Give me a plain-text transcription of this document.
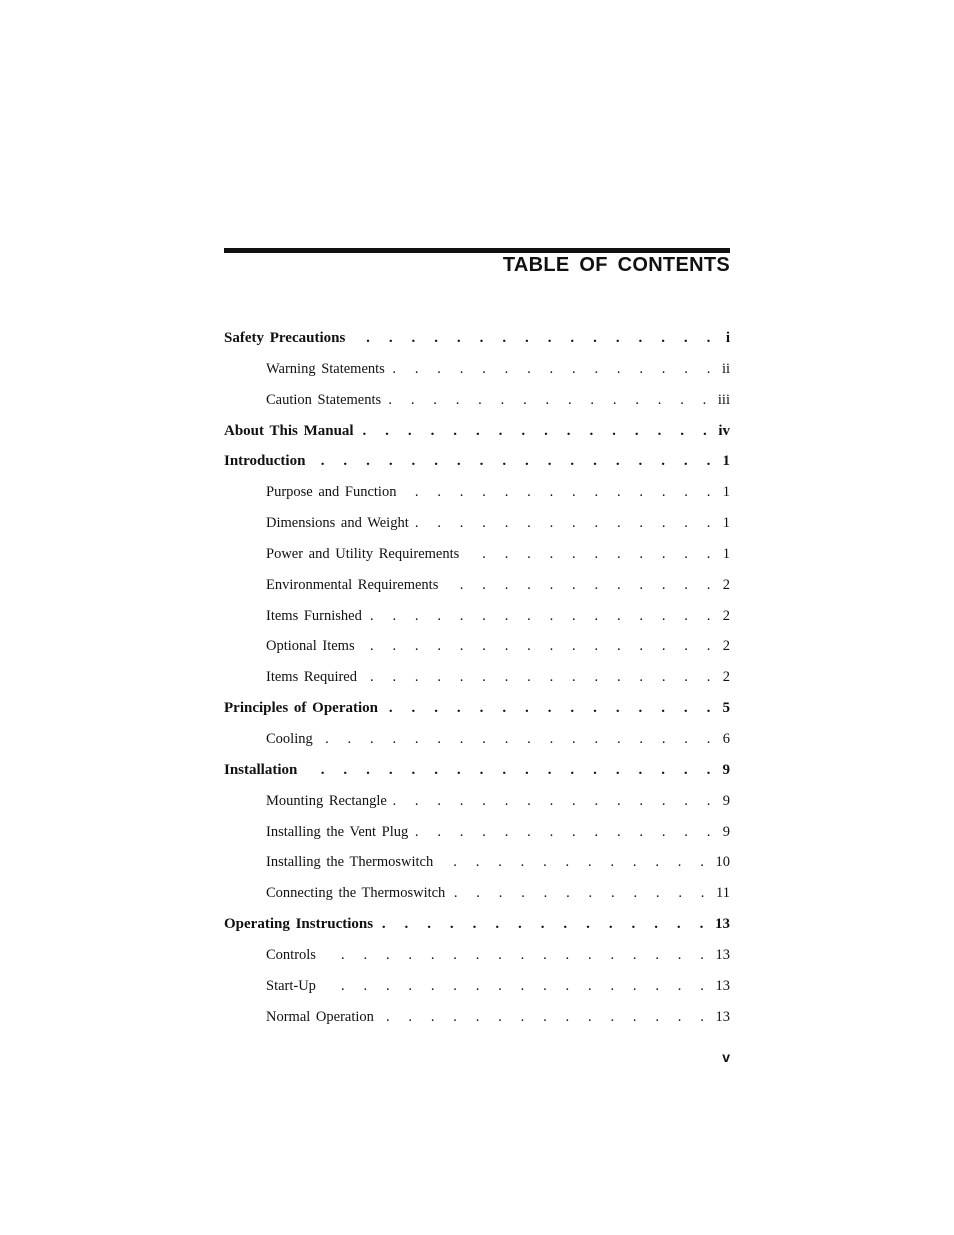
TABLE OF CONTENTS
Safety Precautions . . .	i
Warning Statements . . .	ii
Caution Statements . . .	iii
About This Manual . . .	iv
Introduction . . .	1
Purpose and Function . . .	1
Dimensions and Weight . . .	1
Power and Utility Requirements . . .	1
Environmental Requirements . . .	2
Items Furnished . . .	2
Optional Items . . .	2
Items Required . . .	2
Principles of Operation . . .	5
Cooling . . .	6
Installation . . .	9
Mounting Rectangle . . .	9
Installing the Vent Plug . . .	9
Installing the Thermoswitch . . .	10
Connecting the Thermoswitch . . .	11
Operating Instructions . . .	13
Controls . . .	13
Start-Up . . .	13
Normal Operation . . .	13

v
